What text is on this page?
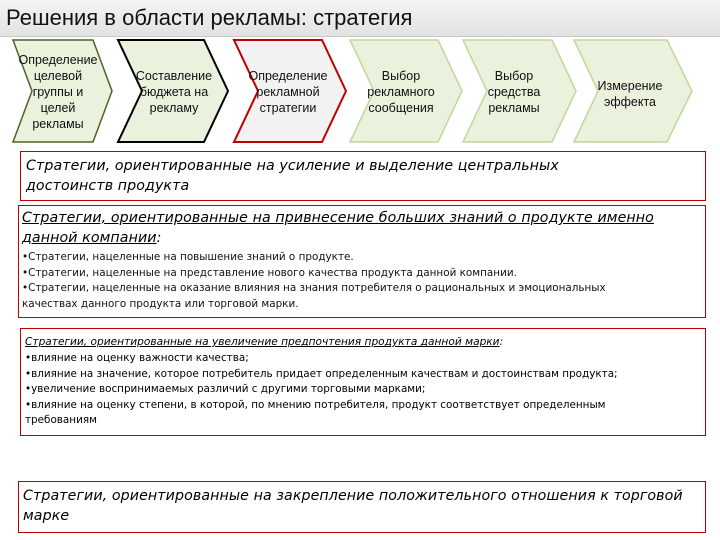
Решения в области рекламы: стратегия
Определение целевой группы и целей рекламы
Составление бюджета на рекламу
Определение рекламной стратегии
Выбор рекламного сообщения
Выбор средства рекламы
Измерение эффекта
Стратегии, ориентированные на усиление и выделение центральных достоинств продукта
Стратегии, ориентированные на привнесение больших знаний о продукте именно данной компании:
•Стратегии, нацеленные на повышение знаний о продукте.
•Стратегии, нацеленные на представление нового качества продукта данной компании.
•Стратегии, нацеленные на оказание влияния на знания потребителя о рациональных и эмоциональных
качествах данного продукта или торговой марки.
Стратегии, ориентированные на увеличение предпочтения продукта данной марки:
•влияние на оценку важности качества;
•влияние на значение, которое потребитель придает определенным качествам и достоинствам продукта;
•увеличение воспринимаемых различий с другими торговыми марками;
•влияние на оценку степени, в которой, по мнению потребителя, продукт соответствует определенным
требованиям
Стратегии, ориентированные на закрепление положительного отношения к торговой марке
